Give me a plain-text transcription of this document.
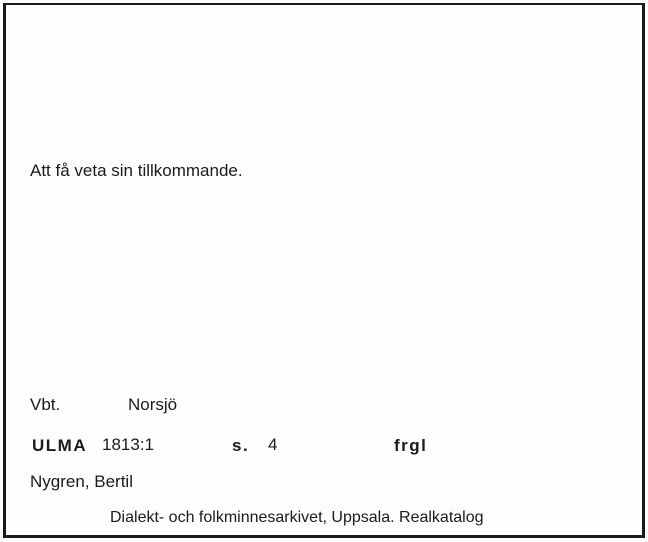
Att få veta sin tillkommande.
Vbt.	Norsjö
ULMA 1813:1	s. 4	frgl
Nygren, Bertil
Dialekt- och folkminnesarkivet, Uppsala. Realkatalog
